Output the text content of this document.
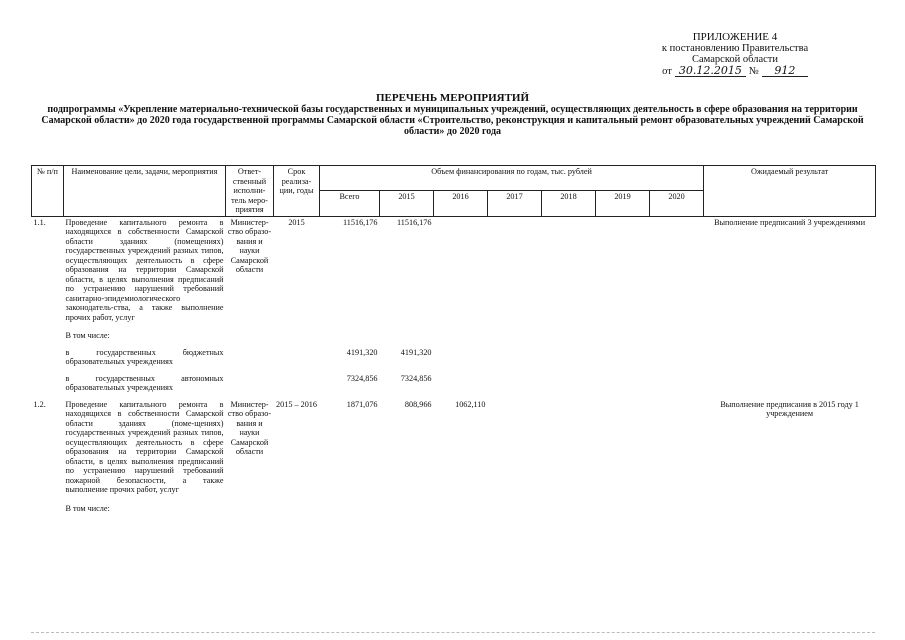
ПРИЛОЖЕНИЕ 4
к постановлению Правительства
Самарской области
от 30.12.2015 №	912
ПЕРЕЧЕНЬ МЕРОПРИЯТИЙ
подпрограммы «Укрепление материально-технической базы государственных и муниципальных учреждений, осуществляющих деятельность в сфере образования на территории Самарской области» до 2020 года государственной программы Самарской области «Строительство, реконструкция и капитальный ремонт образовательных учреждений Самарской области» до 2020 года
№ п/п	Наименование цели, задачи, мероприятия	Ответ-ственный исполни-тель меро-приятия	Срок реализа-ции, годы	Объем финансирования по годам, тыс. рублей							Ожидаемый результат
				Всего	2015	2016	2017	2018	2019	2020	
1.1.	Проведение капитального ремонта в находящихся в собственности Самарской области зданиях (помещениях) государственных учреждений разных типов, осуществляющих деятельность в сфере образования на территории Самарской области, в целях выполнения предписаний по устранению нарушений требований санитарно-эпидемиологического законодатель-ства, а также выполнение прочих работ, услуг	Министер-ство образо-вания и науки Самарской области	2015	11516,176	11516,176						Выполнение предписаний 3 учреждениями
	В том числе:										
	в государственных бюджетных образовательных учреждениях			4191,320	4191,320						
	в государственных автономных образовательных учреждениях			7324,856	7324,856						
1.2.	Проведение капитального ремонта в находящихся в собственности Самарской области зданиях (поме-щениях) государственных учреждений разных типов, осуществляющих деятельность в сфере образования на территории Самарской области, в целях выполнения предписаний по устранению нарушений требований пожарной безопасности, а также выполнение прочих работ, услуг	Министер-ство образо-вания и науки Самарской области	2015 – 2016	1871,076	808,966	1062,110					Выполнение предписания в 2015 году 1 учреждением
	В том числе:										
